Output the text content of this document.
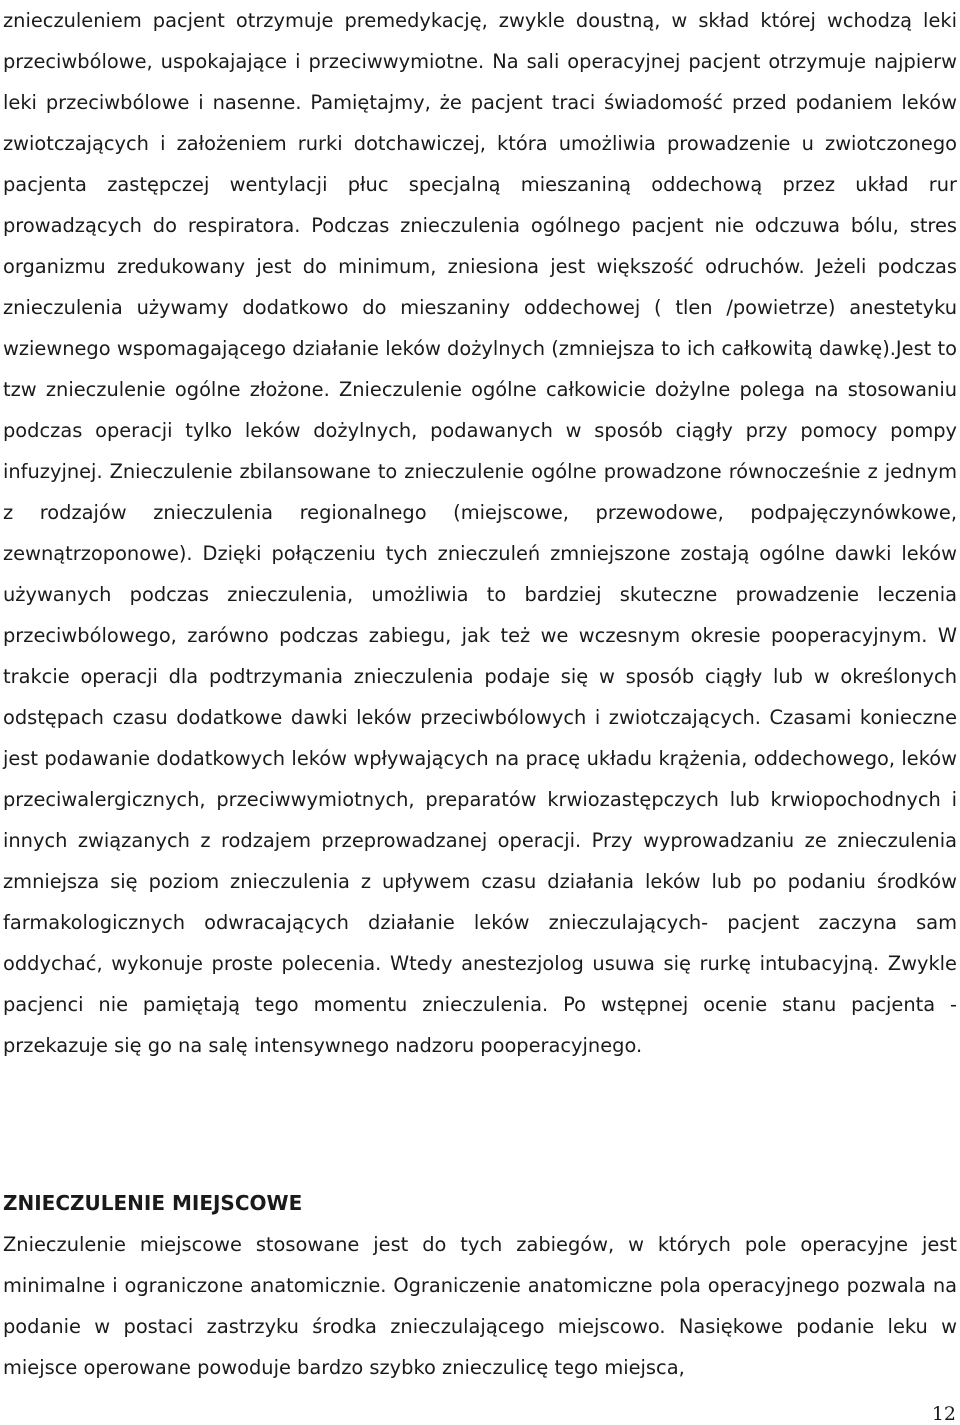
znieczuleniem pacjent otrzymuje premedykację, zwykle doustną, w skład której wchodzą leki przeciwbólowe, uspokajające i przeciwwymiotne. Na sali operacyjnej pacjent otrzymuje najpierw leki przeciwbólowe i nasenne. Pamiętajmy, że pacjent traci świadomość przed podaniem leków zwiotczających i założeniem rurki dotchawiczej, która umożliwia prowadzenie u zwiotczonego pacjenta zastępczej wentylacji płuc specjalną mieszaniną oddechową przez układ rur prowadzących do respiratora. Podczas znieczulenia ogólnego pacjent nie odczuwa bólu, stres organizmu zredukowany jest do minimum, zniesiona jest większość odruchów. Jeżeli podczas znieczulenia używamy dodatkowo do mieszaniny oddechowej ( tlen /powietrze) anestetyku wziewnego wspomagającego działanie leków dożylnych (zmniejsza to ich całkowitą dawkę).Jest to tzw znieczulenie ogólne złożone. Znieczulenie ogólne całkowicie dożylne polega na stosowaniu podczas operacji tylko leków dożylnych, podawanych w sposób ciągły przy pomocy pompy infuzyjnej. Znieczulenie zbilansowane to znieczulenie ogólne prowadzone równocześnie z jednym z rodzajów znieczulenia regionalnego (miejscowe, przewodowe, podpajęczynówkowe, zewnątrzoponowe). Dzięki połączeniu tych znieczuleń zmniejszone zostają ogólne dawki leków używanych podczas znieczulenia, umożliwia to bardziej skuteczne prowadzenie leczenia przeciwbólowego, zarówno podczas zabiegu, jak też we wczesnym okresie pooperacyjnym. W trakcie operacji dla podtrzymania znieczulenia podaje się w sposób ciągły lub w określonych odstępach czasu dodatkowe dawki leków przeciwbólowych i zwiotczających. Czasami konieczne jest podawanie dodatkowych leków wpływających na pracę układu krążenia, oddechowego, leków przeciwalergicznych, przeciwwymiotnych, preparatów krwiozastępczych lub krwiopochodnych i innych związanych z rodzajem przeprowadzanej operacji. Przy wyprowadzaniu ze znieczulenia zmniejsza się poziom znieczulenia z upływem czasu działania leków lub po podaniu środków farmakologicznych odwracających działanie leków znieczulających- pacjent zaczyna sam oddychać, wykonuje proste polecenia. Wtedy anestezjolog usuwa się rurkę intubacyjną. Zwykle pacjenci nie pamiętają tego momentu znieczulenia. Po wstępnej ocenie stanu pacjenta - przekazuje się go na salę intensywnego nadzoru pooperacyjnego.

ZNIECZULENIE MIEJSCOWE

Znieczulenie miejscowe stosowane jest do tych zabiegów, w których pole operacyjne jest minimalne i ograniczone anatomicznie. Ograniczenie anatomiczne pola operacyjnego pozwala na podanie w postaci zastrzyku środka znieczulającego miejscowo. Nasiękowe podanie leku w miejsce operowane powoduje bardzo szybko znieczulicę tego miejsca,

12
